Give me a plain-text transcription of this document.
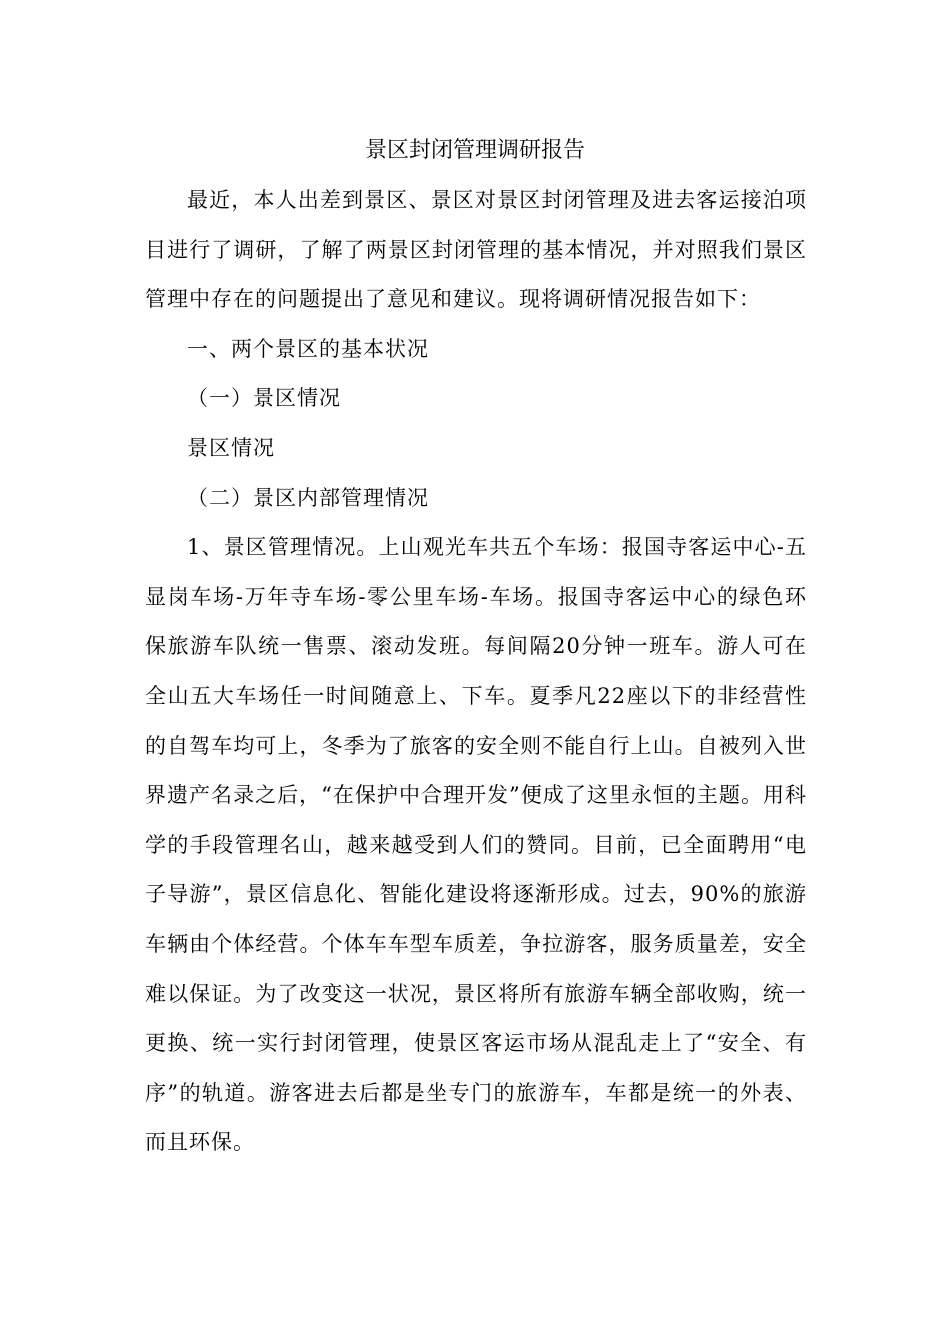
景区封闭管理调研报告

最近，本人出差到景区、景区对景区封闭管理及进去客运接泊项目进行了调研，了解了两景区封闭管理的基本情况，并对照我们景区管理中存在的问题提出了意见和建议。现将调研情况报告如下：

一、两个景区的基本状况

（一）景区情况

景区情况

（二）景区内部管理情况

1、景区管理情况。上山观光车共五个车场：报国寺客运中心-五显岗车场-万年寺车场-零公里车场-车场。报国寺客运中心的绿色环保旅游车队统一售票、滚动发班。每间隔20分钟一班车。游人可在全山五大车场任一时间随意上、下车。夏季凡22座以下的非经营性的自驾车均可上，冬季为了旅客的安全则不能自行上山。自被列入世界遗产名录之后，“在保护中合理开发”便成了这里永恒的主题。用科学的手段管理名山，越来越受到人们的赞同。目前，已全面聘用“电子导游”，景区信息化、智能化建设将逐渐形成。过去，90%的旅游车辆由个体经营。个体车车型车质差，争拉游客，服务质量差，安全难以保证。为了改变这一状况，景区将所有旅游车辆全部收购，统一更换、统一实行封闭管理，使景区客运市场从混乱走上了“安全、有序”的轨道。游客进去后都是坐专门的旅游车，车都是统一的外表、而且环保。
